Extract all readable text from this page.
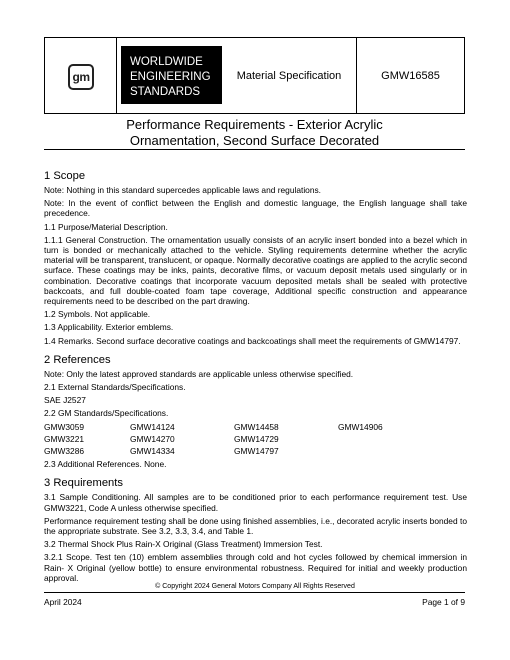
gm
WORLDWIDE
ENGINEERING
STANDARDS
Material Specification	GMW16585
Performance Requirements - Exterior Acrylic
Ornamentation, Second Surface Decorated
1 Scope

Note: Nothing in this standard supercedes applicable laws and regulations.

Note: In the event of conflict between the English and domestic language, the English language shall take precedence.

1.1 Purpose/Material Description.

1.1.1 General Construction. The ornamentation usually consists of an acrylic insert bonded into a bezel which in turn is bonded or mechanically attached to the vehicle. Styling requirements determine whether the acrylic material will be transparent, translucent, or opaque. Normally decorative coatings are applied to the acrylic second surface. These coatings may be inks, paints, decorative films, or vacuum deposit metals used singularly or in combination. Decorative coatings that incorporate vacuum deposited metals shall be sealed with protective backcoats, and full double-coated foam tape coverage, Additional specific construction and appearance requirements need to be described on the part drawing.

1.2 Symbols. Not applicable.

1.3 Applicability. Exterior emblems.

1.4 Remarks. Second surface decorative coatings and backcoatings shall meet the requirements of GMW14797.

2 References

Note: Only the latest approved standards are applicable unless otherwise specified.

2.1 External Standards/Specifications.

SAE J2527

2.2 GM Standards/Specifications.

GMW3059	GMW14124	GMW14458	GMW14906
GMW3221	GMW14270	GMW14729
GMW3286	GMW14334	GMW14797

2.3 Additional References. None.

3 Requirements

3.1 Sample Conditioning. All samples are to be conditioned prior to each performance requirement test. Use GMW3221, Code A unless otherwise specified.

Performance requirement testing shall be done using finished assemblies, i.e., decorated acrylic inserts bonded to the appropriate substrate. See 3.2, 3.3, 3.4, and Table 1.

3.2 Thermal Shock Plus Rain-X Original (Glass Treatment) Immersion Test.

3.2.1 Scope. Test ten (10) emblem assemblies through cold and hot cycles followed by chemical immersion in Rain- X Original (yellow bottle) to ensure environmental robustness. Required for initial and weekly production approval.

© Copyright 2024 General Motors Company All Rights Reserved
April 2024	Page 1 of 9
